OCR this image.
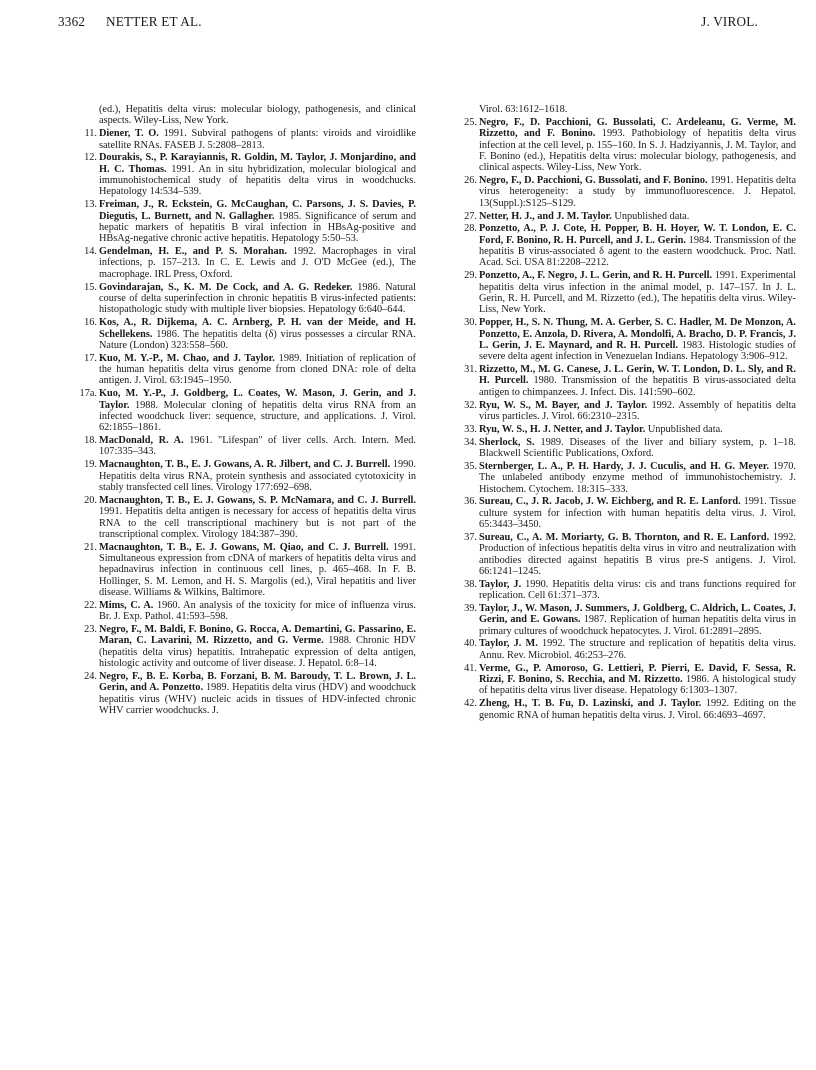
3362 NETTER ET AL.	J. VIROL.
(ed.), Hepatitis delta virus: molecular biology, pathogenesis, and clinical aspects. Wiley-Liss, New York.
11. Diener, T. O. 1991. Subviral pathogens of plants: viroids and viroidlike satellite RNAs. FASEB J. 5:2808–2813.
12. Dourakis, S., P. Karayiannis, R. Goldin, M. Taylor, J. Monjardino, and H. C. Thomas. 1991. An in situ hybridization, molecular biological and immunohistochemical study of hepatitis delta virus in woodchucks. Hepatology 14:534–539.
13. Freiman, J., R. Eckstein, G. McCaughan, C. Parsons, J. S. Davies, P. Diegutis, L. Burnett, and N. Gallagher. 1985. Significance of serum and hepatic markers of hepatitis B viral infection in HBsAg-positive and HBsAg-negative chronic active hepatitis. Hepatology 5:50–53.
14. Gendelman, H. E., and P. S. Morahan. 1992. Macrophages in viral infections, p. 157–213. In C. E. Lewis and J. O'D McGee (ed.), The macrophage. IRL Press, Oxford.
15. Govindarajan, S., K. M. De Cock, and A. G. Redeker. 1986. Natural course of delta superinfection in chronic hepatitis B virus-infected patients: histopathologic study with multiple liver biopsies. Hepatology 6:640–644.
16. Kos, A., R. Dijkema, A. C. Arnberg, P. H. van der Meide, and H. Schellekens. 1986. The hepatitis delta (δ) virus possesses a circular RNA. Nature (London) 323:558–560.
17. Kuo, M. Y.-P., M. Chao, and J. Taylor. 1989. Initiation of replication of the human hepatitis delta virus genome from cloned DNA: role of delta antigen. J. Virol. 63:1945–1950.
17a. Kuo, M. Y.-P., J. Goldberg, L. Coates, W. Mason, J. Gerin, and J. Taylor. 1988. Molecular cloning of hepatitis delta virus RNA from an infected woodchuck liver: sequence, structure, and applications. J. Virol. 62:1855–1861.
18. MacDonald, R. A. 1961. "Lifespan" of liver cells. Arch. Intern. Med. 107:335–343.
19. Macnaughton, T. B., E. J. Gowans, A. R. Jilbert, and C. J. Burrell. 1990. Hepatitis delta virus RNA, protein synthesis and associated cytotoxicity in stably transfected cell lines. Virology 177:692–698.
20. Macnaughton, T. B., E. J. Gowans, S. P. McNamara, and C. J. Burrell. 1991. Hepatitis delta antigen is necessary for access of hepatitis delta virus RNA to the cell transcriptional machinery but is not part of the transcriptional complex. Virology 184:387–390.
21. Macnaughton, T. B., E. J. Gowans, M. Qiao, and C. J. Burrell. 1991. Simultaneous expression from cDNA of markers of hepatitis delta virus and hepadnavirus infection in continuous cell lines, p. 465–468. In F. B. Hollinger, S. M. Lemon, and H. S. Margolis (ed.), Viral hepatitis and liver disease. Williams & Wilkins, Baltimore.
22. Mims, C. A. 1960. An analysis of the toxicity for mice of influenza virus. Br. J. Exp. Pathol. 41:593–598.
23. Negro, F., M. Baldi, F. Bonino, G. Rocca, A. Demartini, G. Passarino, E. Maran, C. Lavarini, M. Rizzetto, and G. Verme. 1988. Chronic HDV (hepatitis delta virus) hepatitis. Intrahepatic expression of delta antigen, histologic activity and outcome of liver disease. J. Hepatol. 6:8–14.
24. Negro, F., B. E. Korba, B. Forzani, B. M. Baroudy, T. L. Brown, J. L. Gerin, and A. Ponzetto. 1989. Hepatitis delta virus (HDV) and woodchuck hepatitis virus (WHV) nucleic acids in tissues of HDV-infected chronic WHV carrier woodchucks. J.
Virol. 63:1612–1618.
25. Negro, F., D. Pacchioni, G. Bussolati, C. Ardeleanu, G. Verme, M. Rizzetto, and F. Bonino. 1993. Pathobiology of hepatitis delta virus infection at the cell level, p. 155–160. In S. J. Hadziyannis, J. M. Taylor, and F. Bonino (ed.), Hepatitis delta virus: molecular biology, pathogenesis, and clinical aspects. Wiley-Liss, New York.
26. Negro, F., D. Pacchioni, G. Bussolati, and F. Bonino. 1991. Hepatitis delta virus heterogeneity: a study by immunofluorescence. J. Hepatol. 13(Suppl.):S125–S129.
27. Netter, H. J., and J. M. Taylor. Unpublished data.
28. Ponzetto, A., P. J. Cote, H. Popper, B. H. Hoyer, W. T. London, E. C. Ford, F. Bonino, R. H. Purcell, and J. L. Gerin. 1984. Transmission of the hepatitis B virus-associated δ agent to the eastern woodchuck. Proc. Natl. Acad. Sci. USA 81:2208–2212.
29. Ponzetto, A., F. Negro, J. L. Gerin, and R. H. Purcell. 1991. Experimental hepatitis delta virus infection in the animal model, p. 147–157. In J. L. Gerin, R. H. Purcell, and M. Rizzetto (ed.), The hepatitis delta virus. Wiley-Liss, New York.
30. Popper, H., S. N. Thung, M. A. Gerber, S. C. Hadler, M. De Monzon, A. Ponzetto, E. Anzola, D. Rivera, A. Mondolfi, A. Bracho, D. P. Francis, J. L. Gerin, J. E. Maynard, and R. H. Purcell. 1983. Histologic studies of severe delta agent infection in Venezuelan Indians. Hepatology 3:906–912.
31. Rizzetto, M., M. G. Canese, J. L. Gerin, W. T. London, D. L. Sly, and R. H. Purcell. 1980. Transmission of the hepatitis B virus-associated delta antigen to chimpanzees. J. Infect. Dis. 141:590–602.
32. Ryu, W. S., M. Bayer, and J. Taylor. 1992. Assembly of hepatitis delta virus particles. J. Virol. 66:2310–2315.
33. Ryu, W. S., H. J. Netter, and J. Taylor. Unpublished data.
34. Sherlock, S. 1989. Diseases of the liver and biliary system, p. 1–18. Blackwell Scientific Publications, Oxford.
35. Sternberger, L. A., P. H. Hardy, J. J. Cuculis, and H. G. Meyer. 1970. The unlabeled antibody enzyme method of immunohistochemistry. J. Histochem. Cytochem. 18:315–333.
36. Sureau, C., J. R. Jacob, J. W. Eichberg, and R. E. Lanford. 1991. Tissue culture system for infection with human hepatitis delta virus. J. Virol. 65:3443–3450.
37. Sureau, C., A. M. Moriarty, G. B. Thornton, and R. E. Lanford. 1992. Production of infectious hepatitis delta virus in vitro and neutralization with antibodies directed against hepatitis B virus pre-S antigens. J. Virol. 66:1241–1245.
38. Taylor, J. 1990. Hepatitis delta virus: cis and trans functions required for replication. Cell 61:371–373.
39. Taylor, J., W. Mason, J. Summers, J. Goldberg, C. Aldrich, L. Coates, J. Gerin, and E. Gowans. 1987. Replication of human hepatitis delta virus in primary cultures of woodchuck hepatocytes. J. Virol. 61:2891–2895.
40. Taylor, J. M. 1992. The structure and replication of hepatitis delta virus. Annu. Rev. Microbiol. 46:253–276.
41. Verme, G., P. Amoroso, G. Lettieri, P. Pierri, E. David, F. Sessa, R. Rizzi, F. Bonino, S. Recchia, and M. Rizzetto. 1986. A histological study of hepatitis delta virus liver disease. Hepatology 6:1303–1307.
42. Zheng, H., T. B. Fu, D. Lazinski, and J. Taylor. 1992. Editing on the genomic RNA of human hepatitis delta virus. J. Virol. 66:4693–4697.
